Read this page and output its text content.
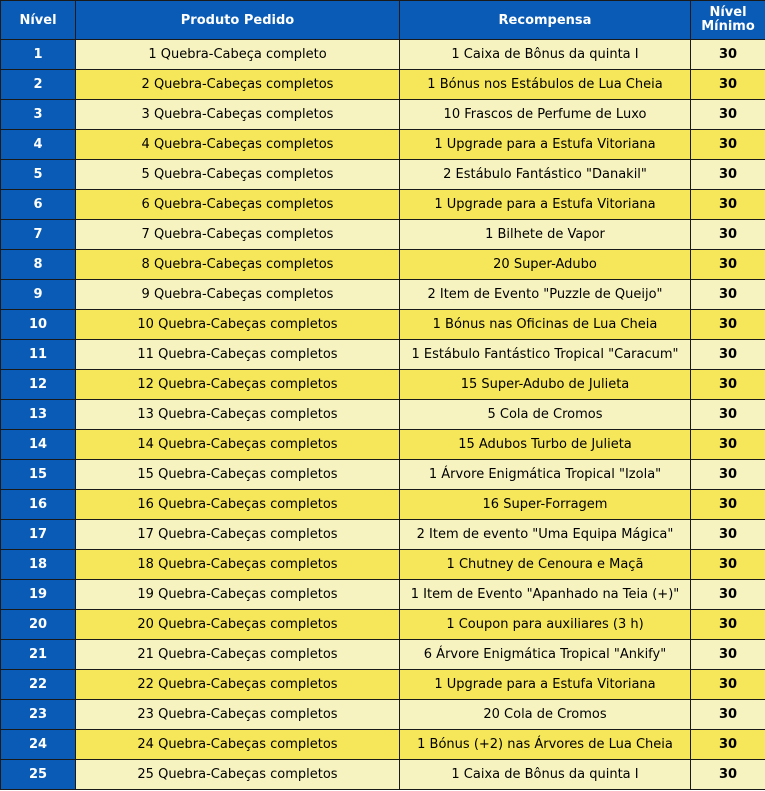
Nível	Produto Pedido	Recompensa	Nível
Mínimo
1	1 Quebra-Cabeça completo	1 Caixa de Bônus da quinta I	30
2	2 Quebra-Cabeças completos	1 Bónus nos Estábulos de Lua Cheia	30
3	3 Quebra-Cabeças completos	10 Frascos de Perfume de Luxo	30
4	4 Quebra-Cabeças completos	1 Upgrade para a Estufa Vitoriana	30
5	5 Quebra-Cabeças completos	2 Estábulo Fantástico "Danakil"	30
6	6 Quebra-Cabeças completos	1 Upgrade para a Estufa Vitoriana	30
7	7 Quebra-Cabeças completos	1 Bilhete de Vapor	30
8	8 Quebra-Cabeças completos	20 Super-Adubo	30
9	9 Quebra-Cabeças completos	2 Item de Evento "Puzzle de Queijo"	30
10	10 Quebra-Cabeças completos	1 Bónus nas Oficinas de Lua Cheia	30
11	11 Quebra-Cabeças completos	1 Estábulo Fantástico Tropical "Caracum"	30
12	12 Quebra-Cabeças completos	15 Super-Adubo de Julieta	30
13	13 Quebra-Cabeças completos	5 Cola de Cromos	30
14	14 Quebra-Cabeças completos	15 Adubos Turbo de Julieta	30
15	15 Quebra-Cabeças completos	1 Árvore Enigmática Tropical "Izola"	30
16	16 Quebra-Cabeças completos	16 Super-Forragem	30
17	17 Quebra-Cabeças completos	2 Item de evento "Uma Equipa Mágica"	30
18	18 Quebra-Cabeças completos	1 Chutney de Cenoura e Maçã	30
19	19 Quebra-Cabeças completos	1 Item de Evento "Apanhado na Teia (+)"	30
20	20 Quebra-Cabeças completos	1 Coupon para auxiliares (3 h)	30
21	21 Quebra-Cabeças completos	6 Árvore Enigmática Tropical "Ankify"	30
22	22 Quebra-Cabeças completos	1 Upgrade para a Estufa Vitoriana	30
23	23 Quebra-Cabeças completos	20 Cola de Cromos	30
24	24 Quebra-Cabeças completos	1 Bónus (+2) nas Árvores de Lua Cheia	30
25	25 Quebra-Cabeças completos	1 Caixa de Bônus da quinta I	30
